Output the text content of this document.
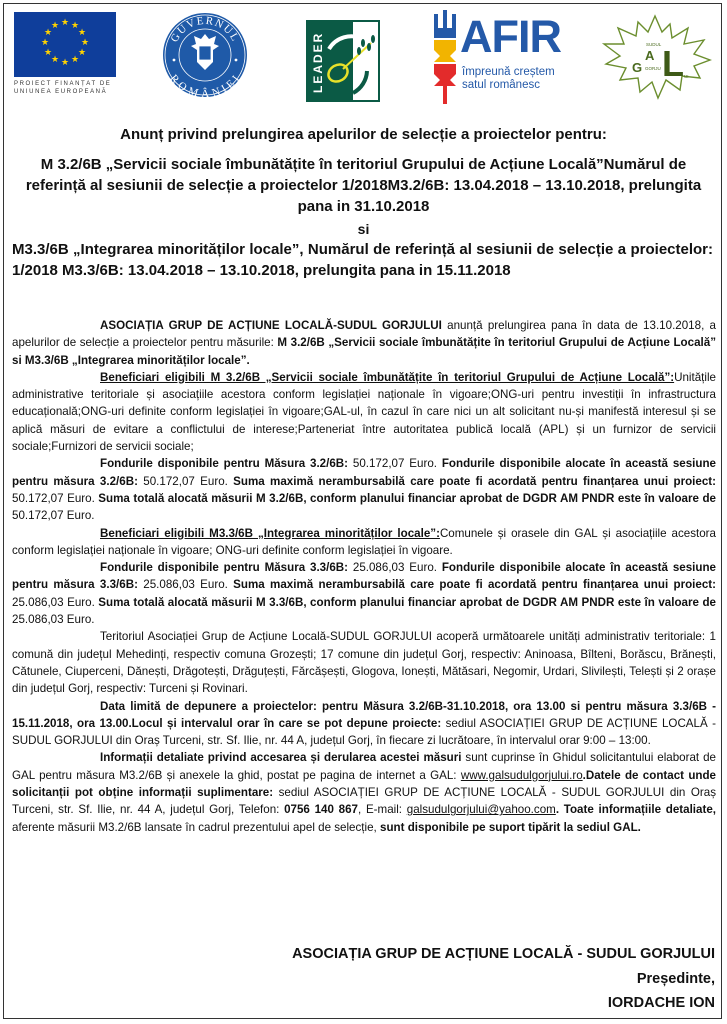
★ ★
★
★
★
★
★
★
★
★
★
★
PROIECT FINANȚAT DE
UNIUNEA EUROPEANĂ
GUVERNUL
ROMÂNIEI	LEADER	AFIR
împreună creștem
satul românesc
G
A L
SUDUL
GORJU
UI
Anunț privind prelungirea apelurilor de selecție a proiectelor pentru:
M 3.2/6B „Servicii sociale îmbunătățite în teritoriul Grupului de Acțiune Locală”Numărul de referință al sesiunii de selecție a proiectelor 1/2018M3.2/6B: 13.04.2018 – 13.10.2018, prelungita pana in 31.10.2018
si
M3.3/6B „Integrarea minorităților locale”, Numărul de referință al sesiunii de selecție a proiectelor: 1/2018 M3.3/6B: 13.04.2018 – 13.10.2018, prelungita pana in 15.11.2018

ASOCIAȚIA GRUP DE ACȚIUNE LOCALĂ-SUDUL GORJULUI anunță prelungirea pana în data de 13.10.2018, a apelurilor de selecție a proiectelor pentru măsurile: M 3.2/6B „Servicii sociale îmbunătățite în teritoriul Grupului de Acțiune Locală” si M3.3/6B „Integrarea minorităților locale”.

Beneficiari eligibili M 3.2/6B „Servicii sociale îmbunătățite în teritoriul Grupului de Acțiune Locală”:Unitățile administrative teritoriale și asociațiile acestora conform legislației naționale în vigoare;ONG-uri pentru investiții în infrastructura educațională;ONG-uri definite conform legislației în vigoare;GAL-ul, în cazul în care nici un alt solicitant nu-și manifestă interesul și se aplică măsuri de evitare a conflictului de interese;Parteneriat între autoritatea publică locală (APL) și un furnizor de servicii sociale;Furnizori de servicii sociale;

Fondurile disponibile pentru Măsura 3.2/6B: 50.172,07 Euro. Fondurile disponibile alocate în această sesiune pentru măsura 3.2/6B: 50.172,07 Euro. Suma maximă nerambursabilă care poate fi acordată pentru finanțarea unui proiect: 50.172,07 Euro. Suma totală alocată măsurii M 3.2/6B, conform planului financiar aprobat de DGDR AM PNDR este în valoare de 50.172,07 Euro.

Beneficiari eligibili M3.3/6B „Integrarea minorităților locale”:Comunele și orasele din GAL și asociațiile acestora conform legislației naționale în vigoare; ONG-uri definite conform legislației în vigoare.

Fondurile disponibile pentru Măsura 3.3/6B: 25.086,03 Euro. Fondurile disponibile alocate în această sesiune pentru măsura 3.3/6B: 25.086,03 Euro. Suma maximă nerambursabilă care poate fi acordată pentru finanțarea unui proiect: 25.086,03 Euro. Suma totală alocată măsurii M 3.3/6B, conform planului financiar aprobat de DGDR AM PNDR este în valoare de 25.086,03 Euro.

Teritoriul Asociației Grup de Acțiune Locală-SUDUL GORJULUI acoperă următoarele unități administrativ teritoriale: 1 comună din județul Mehedinți, respectiv comuna Grozești; 17 comune din județul Gorj, respectiv: Aninoasa, Bîlteni, Borăscu, Brănești, Cătunele, Ciuperceni, Dănești, Drăgotești, Drăguțești, Fărcășești, Glogova, Ionești, Mătăsari, Negomir, Urdari, Slivilești, Telești și 2 orașe din județul Gorj, respectiv: Turceni și Rovinari.

Data limită de depunere a proiectelor: pentru Măsura 3.2/6B-31.10.2018, ora 13.00 si pentru măsura 3.3/6B - 15.11.2018, ora 13.00.Locul și intervalul orar în care se pot depune proiecte: sediul ASOCIAȚIEI GRUP DE ACȚIUNE LOCALĂ - SUDUL GORJULUI din Oraș Turceni, str. Sf. Ilie, nr. 44 A, județul Gorj, în fiecare zi lucrătoare, în intervalul orar 9:00 – 13:00.

Informații detaliate privind accesarea și derularea acestei măsuri sunt cuprinse în Ghidul solicitantului elaborat de GAL pentru măsura M3.2/6B și anexele la ghid, postat pe pagina de internet a GAL: www.galsudulgorjului.ro.Datele de contact unde solicitanții pot obține informații suplimentare: sediul ASOCIAȚIEI GRUP DE ACȚIUNE LOCALĂ - SUDUL GORJULUI din Oraș Turceni, str. Sf. Ilie, nr. 44 A, județul Gorj, Telefon: 0756 140 867, E-mail: galsudulgorjului@yahoo.com. Toate informațiile detaliate, aferente măsurii M3.2/6B lansate în cadrul prezentului apel de selecție, sunt disponibile pe suport tipărit la sediul GAL.

ASOCIAȚIA GRUP DE ACȚIUNE LOCALĂ - SUDUL GORJULUI
Președinte,
IORDACHE ION
